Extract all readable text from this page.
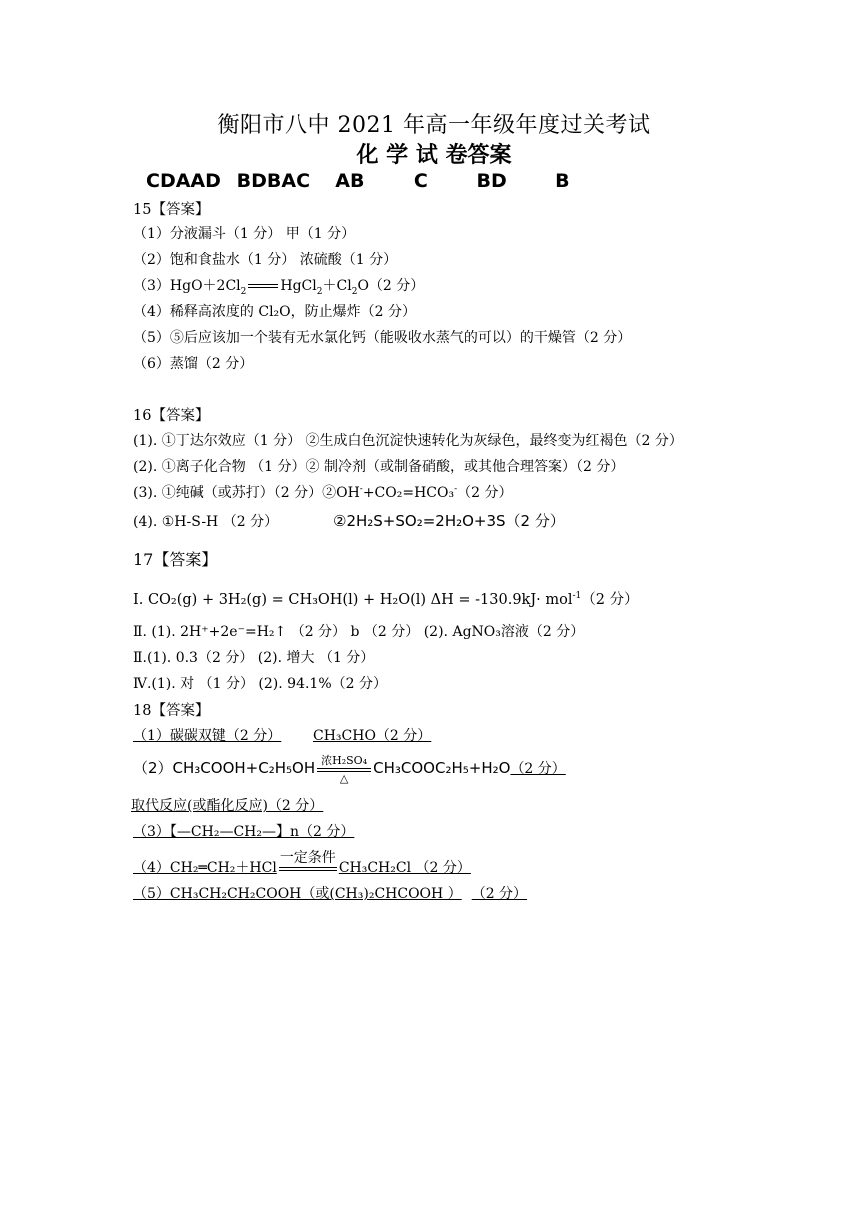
衡阳市八中 2021 年高一年级年度过关考试
化 学 试 卷答案
CDAAD BDBAC AB	C	BD	B
15【答案】
（1）分液漏斗（1 分） 甲（1 分）
（2）饱和食盐水（1 分） 浓硫酸（1 分）
$(3)HgO+2Cl_2$ $HgCl_2+Cl_2O(2$ 分）
（4）稀释高浓度的 Cl₂O，防止爆炸（2 分）
（5）⑤后应该加一个装有无水氯化钙（能吸收水蒸气的可以）的干燥管（2 分）
（6）蒸馏（2 分）
16【答案】
(1). ①丁达尔效应（1 分） ②生成白色沉淀快速转化为灰绿色，最终变为红褐色（2 分）
(2). ①离子化合物 （1 分）② 制冷剂（或制备硝酸，或其他合理答案）（2 分）
(3). ①纯碱（或苏打）（2 分）②OH-+CO₂=HCO₃-（2 分）
(4). ①H-S-H （2 分）	②2H₂S+SO₂=2H₂O+3S（2 分）
17【答案】
I. CO₂(g) + 3H₂(g) = CH₃OH(l) + H₂O(l) ΔH = -130.9kJ· mol$^{-1}$（2 分）
Ⅱ. (1). 2H⁺+2e⁻=H₂↑ （2 分） b （2 分） (2). AgNO₃溶液（2 分）
Ⅱ.(1). 0.3（2 分） (2). 增大 （1 分）
Ⅳ.(1). 对 （1 分） (2). 94.1%（2 分）
18【答案】
（1）碳碳双键（2 分） CH₃CHO（2 分）
（2）CH₃COOH+C₂H₅OH 浓H₂SO₄
△
CH₃COOC₂H₅+H₂O（2 分）
取代反应(或酯化反应)（2 分）
（3）【—CH₂—CH₂—】n（2 分）
（4）CH₂═CH₂＋HCl
一定条件
CH₃CH₂Cl （2 分）
（5）CH₃CH₂CH₂COOH（或(CH₃)₂CHCOOH ） （2 分）
